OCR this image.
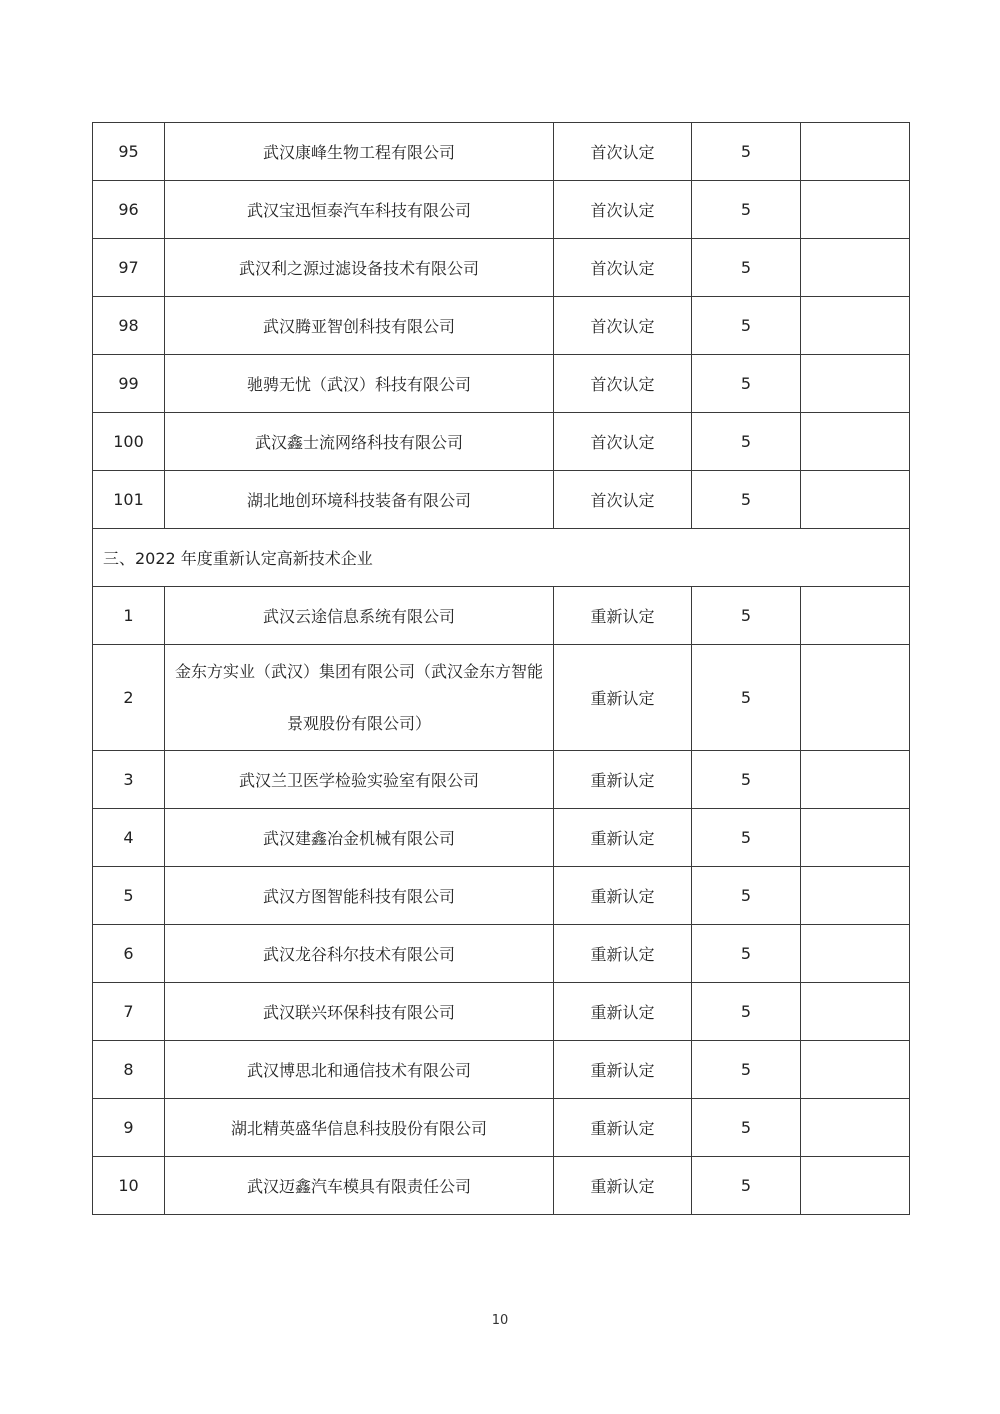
95	武汉康峰生物工程有限公司	首次认定	5	
96	武汉宝迅恒泰汽车科技有限公司	首次认定	5	
97	武汉利之源过滤设备技术有限公司	首次认定	5	
98	武汉腾亚智创科技有限公司	首次认定	5	
99	驰骋无忧（武汉）科技有限公司	首次认定	5	
100	武汉鑫士流网络科技有限公司	首次认定	5	
101	湖北地创环境科技装备有限公司	首次认定	5	
三、2022 年度重新认定高新技术企业				
1	武汉云途信息系统有限公司	重新认定	5	
2	金东方实业（武汉）集团有限公司（武汉金东方智能景观股份有限公司）	重新认定	5	
3	武汉兰卫医学检验实验室有限公司	重新认定	5	
4	武汉建鑫冶金机械有限公司	重新认定	5	
5	武汉方图智能科技有限公司	重新认定	5	
6	武汉龙谷科尔技术有限公司	重新认定	5	
7	武汉联兴环保科技有限公司	重新认定	5	
8	武汉博思北和通信技术有限公司	重新认定	5	
9	湖北精英盛华信息科技股份有限公司	重新认定	5	
10	武汉迈鑫汽车模具有限责任公司	重新认定	5	
10
